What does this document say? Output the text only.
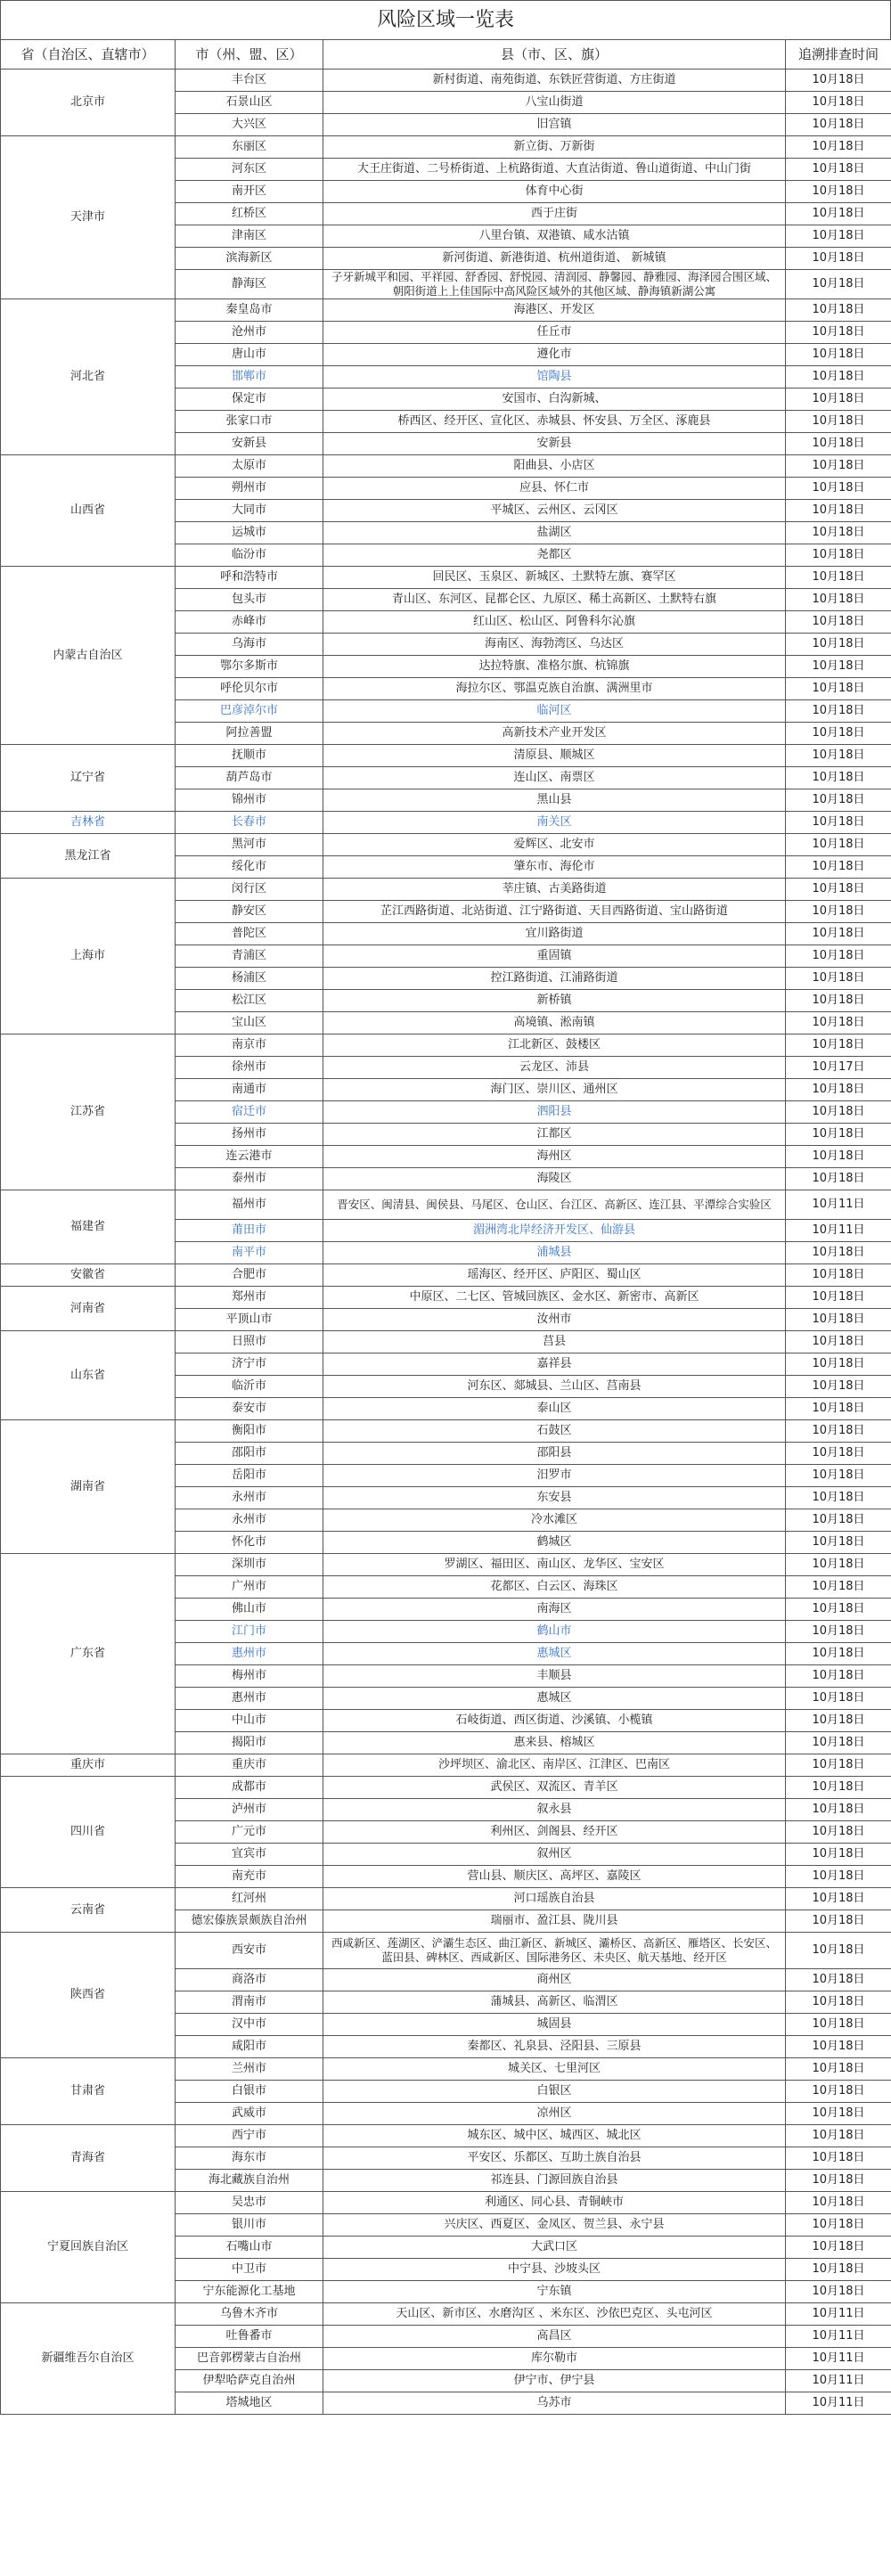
风险区域一览表
省（自治区、直辖市）	市（州、盟、区）	县（市、区、旗）	追溯排查时间
北京市	丰台区	新村街道、南苑街道、东铁匠营街道、方庄街道	10月18日
	石景山区	八宝山街道	10月18日
	大兴区	旧宫镇	10月18日
天津市	东丽区	新立街、万新街	10月18日
	河东区	大王庄街道、二号桥街道、上杭路街道、大直沽街道、鲁山道街道、中山门街	10月18日
	南开区	体育中心街	10月18日
	红桥区	西于庄街	10月18日
	津南区	八里台镇、双港镇、咸水沽镇	10月18日
	滨海新区	新河街道、新港街道、杭州道街道、 新城镇	10月18日
	静海区	子牙新城平和园、平祥园、舒香园、舒悦园、清润园、静馨园、静雅园、海泽园合围区域、朝阳街道上上佳国际中高风险区域外的其他区域、静海镇新湖公寓	10月18日
河北省	秦皇岛市	海港区、开发区	10月18日
	沧州市	任丘市	10月18日
	唐山市	遵化市	10月18日
	邯郸市	馆陶县	10月18日
	保定市	安国市、白沟新城、	10月18日
	张家口市	桥西区、经开区、宣化区、赤城县、怀安县、万全区、涿鹿县	10月18日
	安新县	安新县	10月18日
山西省	太原市	阳曲县、小店区	10月18日
	朔州市	应县、怀仁市	10月18日
	大同市	平城区、云州区、云冈区	10月18日
	运城市	盐湖区	10月18日
	临汾市	尧都区	10月18日
内蒙古自治区	呼和浩特市	回民区、玉泉区、新城区、土默特左旗、赛罕区	10月18日
	包头市	青山区、东河区、昆都仑区、九原区、稀土高新区、土默特右旗	10月18日
	赤峰市	红山区、松山区、阿鲁科尔沁旗	10月18日
	乌海市	海南区、海勃湾区、乌达区	10月18日
	鄂尔多斯市	达拉特旗、准格尔旗、杭锦旗	10月18日
	呼伦贝尔市	海拉尔区、鄂温克族自治旗、满洲里市	10月18日
	巴彦淖尔市	临河区	10月18日
	阿拉善盟	高新技术产业开发区	10月18日
辽宁省	抚顺市	清原县、顺城区	10月18日
	葫芦岛市	连山区、南票区	10月18日
	锦州市	黑山县	10月18日
吉林省	长春市	南关区	10月18日
黑龙江省	黑河市	爱辉区、北安市	10月18日
	绥化市	肇东市、海伦市	10月18日
上海市	闵行区	莘庄镇、古美路街道	10月18日
	静安区	芷江西路街道、北站街道、江宁路街道、天目西路街道、宝山路街道	10月18日
	普陀区	宜川路街道	10月18日
	青浦区	重固镇	10月18日
	杨浦区	控江路街道、江浦路街道	10月18日
	松江区	新桥镇	10月18日
	宝山区	高境镇、淞南镇	10月18日
江苏省	南京市	江北新区、鼓楼区	10月18日
	徐州市	云龙区、沛县	10月17日
	南通市	海门区、崇川区、通州区	10月18日
	宿迁市	泗阳县	10月18日
	扬州市	江都区	10月18日
	连云港市	海州区	10月18日
	泰州市	海陵区	10月18日
福建省	福州市	晋安区、闽清县、闽侯县、马尾区、仓山区、台江区、高新区、连江县、平潭综合实验区	10月11日
	莆田市	湄洲湾北岸经济开发区、仙游县	10月11日
	南平市	浦城县	10月18日
安徽省	合肥市	瑶海区、经开区、庐阳区、蜀山区	10月18日
河南省	郑州市	中原区、二七区、管城回族区、金水区、新密市、高新区	10月18日
	平顶山市	汝州市	10月18日
山东省	日照市	莒县	10月18日
	济宁市	嘉祥县	10月18日
	临沂市	河东区、郯城县、兰山区、莒南县	10月18日
	泰安市	泰山区	10月18日
湖南省	衡阳市	石鼓区	10月18日
	邵阳市	邵阳县	10月18日
	岳阳市	汨罗市	10月18日
	永州市	东安县	10月18日
	永州市	冷水滩区	10月18日
	怀化市	鹤城区	10月18日
广东省	深圳市	罗湖区、福田区、南山区、龙华区、宝安区	10月18日
	广州市	花都区、白云区、海珠区	10月18日
	佛山市	南海区	10月18日
	江门市	鹤山市	10月18日
	惠州市	惠城区	10月18日
	梅州市	丰顺县	10月18日
	惠州市	惠城区	10月18日
	中山市	石岐街道、西区街道、沙溪镇、小榄镇	10月18日
	揭阳市	惠来县、榕城区	10月18日
重庆市	重庆市	沙坪坝区、渝北区、南岸区、江津区、巴南区	10月18日
四川省	成都市	武侯区、双流区、青羊区	10月18日
	泸州市	叙永县	10月18日
	广元市	利州区、剑阁县、经开区	10月18日
	宜宾市	叙州区	10月18日
	南充市	营山县、顺庆区、高坪区、嘉陵区	10月18日
云南省	红河州	河口瑶族自治县	10月18日
	德宏傣族景颇族自治州	瑞丽市、盈江县、陇川县	10月18日
陕西省	西安市	西咸新区、莲湖区、浐灞生态区、曲江新区、新城区、灞桥区、高新区、雁塔区、长安区、蓝田县、碑林区、西咸新区、国际港务区、未央区、航天基地、经开区	10月18日
	商洛市	商州区	10月18日
	渭南市	蒲城县、高新区、临渭区	10月18日
	汉中市	城固县	10月18日
	咸阳市	秦都区、礼泉县、泾阳县、三原县	10月18日
甘肃省	兰州市	城关区、七里河区	10月18日
	白银市	白银区	10月18日
	武威市	凉州区	10月18日
青海省	西宁市	城东区、城中区、城西区、城北区	10月18日
	海东市	平安区、乐都区、互助土族自治县	10月18日
	海北藏族自治州	祁连县、门源回族自治县	10月18日
宁夏回族自治区	吴忠市	利通区、同心县、青铜峡市	10月18日
	银川市	兴庆区、西夏区、金凤区、贺兰县、永宁县	10月18日
	石嘴山市	大武口区	10月18日
	中卫市	中宁县、沙坡头区	10月18日
	宁东能源化工基地	宁东镇	10月18日
新疆维吾尔自治区	乌鲁木齐市	天山区、新市区、水磨沟区 、米东区、沙依巴克区、头屯河区	10月11日
	吐鲁番市	高昌区	10月11日
	巴音郭楞蒙古自治州	库尔勒市	10月11日
	伊犁哈萨克自治州	伊宁市、伊宁县	10月11日
	塔城地区	乌苏市	10月11日
